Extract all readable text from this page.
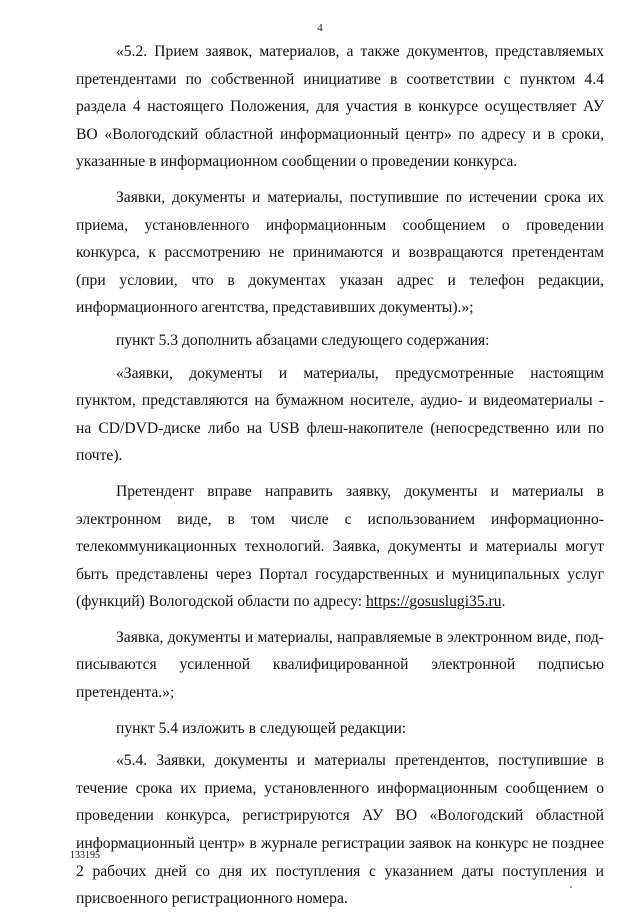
4

«5.2. Прием заявок, материалов, а также документов, представляемых претендентами по собственной инициативе в соответствии с пунктом 4.4 раздела 4 настоящего Положения, для участия в конкурсе осуществляет АУ ВО «Вологодский областной информационный центр» по адресу и в сроки, указанные в информационном сообщении о проведении конкурса.

Заявки, документы и материалы, поступившие по истечении срока их приема, установленного информационным сообщением о проведении конкурса, к рассмотрению не принимаются и возвращаются претендентам (при условии, что в документах указан адрес и телефон редакции, информационного агентства, представивших документы).»;

пункт 5.3 дополнить абзацами следующего содержания:

«Заявки, документы и материалы, предусмотренные настоящим пунктом, представляются на бумажном носителе, аудио- и видеоматериалы - на CD/DVD-диске либо на USB флеш-накопителе (непосредственно или по почте).

Претендент вправе направить заявку, документы и материалы в электронном виде, в том числе с использованием информационно-телекоммуникационных технологий. Заявка, документы и материалы могут быть представлены через Портал государственных и муниципальных услуг (функций) Вологодской области по адресу: https://gosuslugi35.ru.

Заявка, документы и материалы, направляемые в электронном виде, подписываются усиленной квалифицированной электронной подписью претендента.»;

пункт 5.4 изложить в следующей редакции:

«5.4. Заявки, документы и материалы претендентов, поступившие в течение срока их приема, установленного информационным сообщением о проведении конкурса, регистрируются АУ ВО «Вологодский областной информационный центр» в журнале регистрации заявок на конкурс не позднее 2 рабочих дней со дня их поступления с указанием даты поступления и присвоенного регистрационного номера.

133195
